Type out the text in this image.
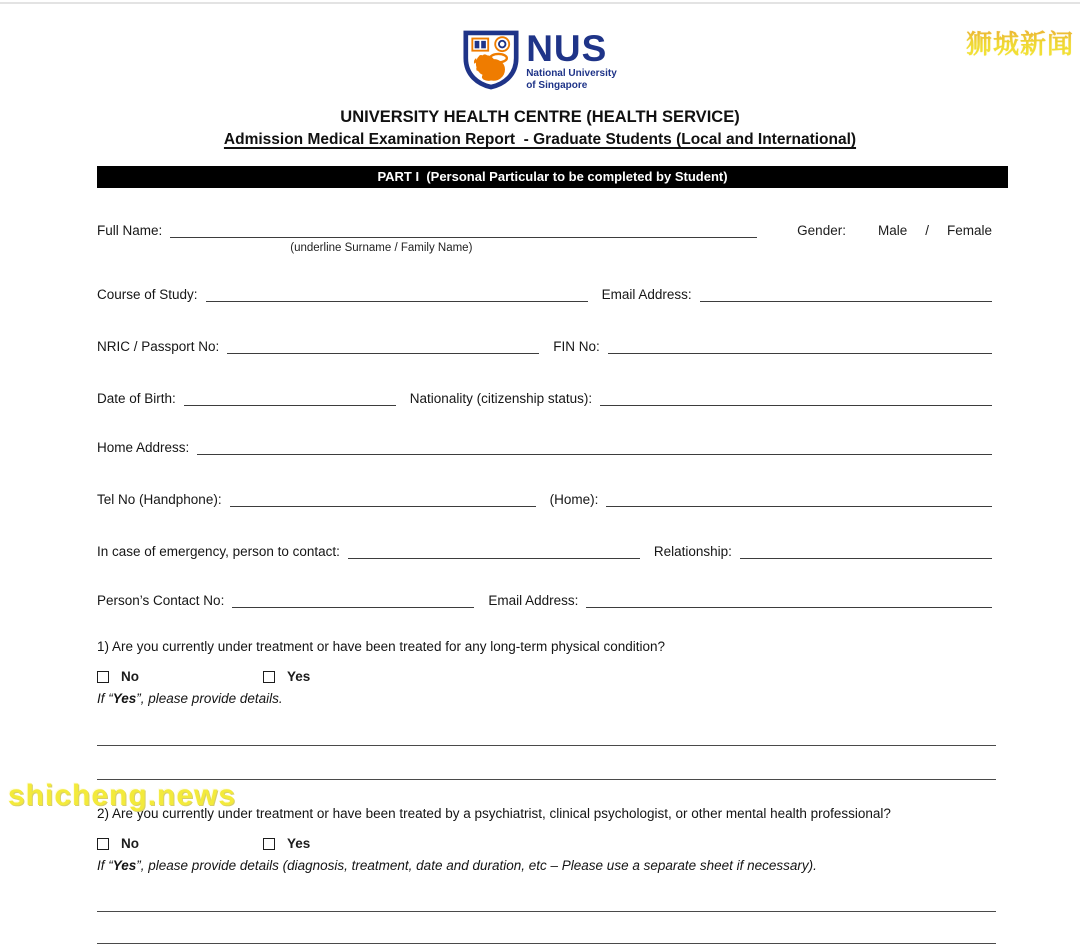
狮城新闻
NUS
National University
of Singapore
UNIVERSITY HEALTH CENTRE (HEALTH SERVICE)
Admission Medical Examination Report  - Graduate Students (Local and International)
PART I  (Personal Particular to be completed by Student)
Full Name:
(underline Surname / Family Name)
Gender: Male / Female
Course of Study:	Email Address:
NRIC / Passport No:	FIN No:
Date of Birth:	Nationality (citizenship status):
Home Address:
Tel No (Handphone):	(Home):
In case of emergency, person to contact:	Relationship:
Person’s Contact No:	Email Address:
1) Are you currently under treatment or have been treated for any long-term physical condition?
No	Yes
If “Yes”, please provide details.
2) Are you currently under treatment or have been treated by a psychiatrist, clinical psychologist, or other mental health professional?
No	Yes
If “Yes”, please provide details (diagnosis, treatment, date and duration, etc – Please use a separate sheet if necessary).
shicheng.news
